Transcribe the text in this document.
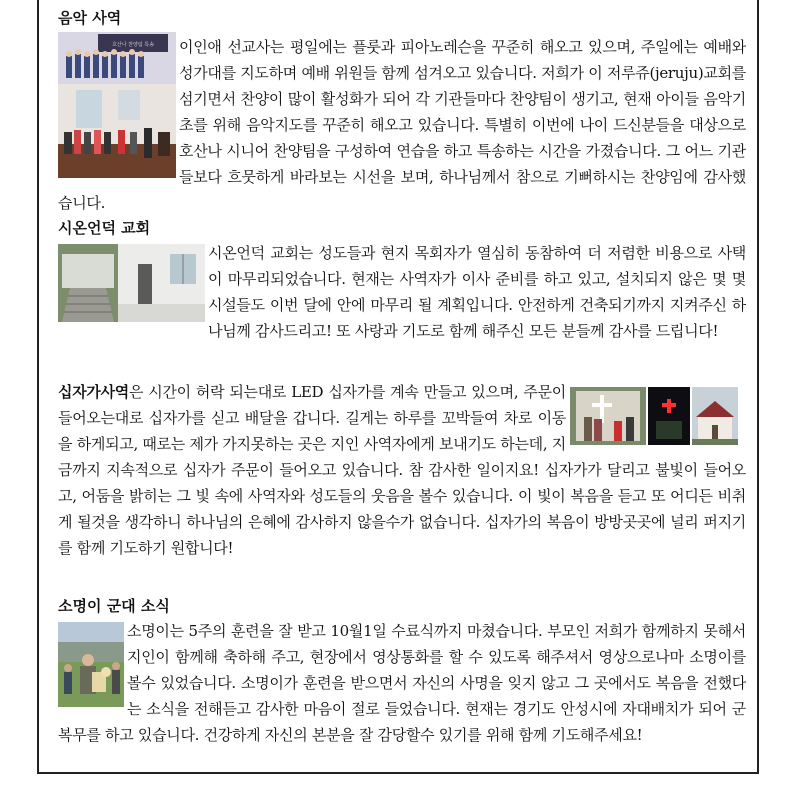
음악 사역
호산나 찬양팀 특송	이인애 선교사는 평일에는 플룻과 피아노레슨을 꾸준히 해오고 있으며, 주일에는 예배와 성가대를 지도하며 예배 위원들 함께 섬겨오고 있습니다. 저희가 이 저루쥬(jeruju)교회를 섬기면서 찬양이 많이 활성화가 되어 각 기관들마다 찬양팀이 생기고, 현재 아이들 음악기초를 위해 음악지도를 꾸준히 해오고 있습니다. 특별히 이번에 나이 드신분들을 대상으로 호산나 시니어 찬양팀을 구성하여 연습을 하고 특송하는 시간을 가졌습니다. 그 어느 기관들보다 흐뭇하게 바라보는 시선을 보며, 하나님께서 참으로 기뻐하시는 찬양임에 감사했습니다.

시온언덕 교회

시온언덕 교회는 성도들과 현지 목회자가 열심히 동참하여 더 저렴한 비용으로 사택이 마무리되었습니다. 현재는 사역자가 이사 준비를 하고 있고, 설치되지 않은 몇 몇 시설들도 이번 달에 안에 마무리 될 계획입니다. 안전하게 건축되기까지 지켜주신 하나님께 감사드리고! 또 사랑과 기도로 함께 해주신 모든 분들께 감사를 드립니다!

십자가사역은 시간이 허락 되는대로 LED 십자가를 계속 만들고 있으며, 주문이 들어오는대로 십자가를 싣고 배달을 갑니다. 길게는 하루를 꼬박들여 차로 이동을 하게되고, 때로는 제가 가지못하는 곳은 지인 사역자에게 보내기도 하는데, 지금까지 지속적으로 십자가 주문이 들어오고 있습니다. 참 감사한 일이지요! 십자가가 달리고 불빛이 들어오고, 어둠을 밝히는 그 빛 속에 사역자와 성도들의 웃음을 볼수 있습니다. 이 빛이 복음을 듣고 또 어디든 비취게 될것을 생각하니 하나님의 은혜에 감사하지 않을수가 없습니다. 십자가의 복음이 방방곳곳에 널리 퍼지기를 함께 기도하기 원합니다!

소명이 군대 소식

소명이는 5주의 훈련을 잘 받고 10월1일 수료식까지 마쳤습니다. 부모인 저희가 함께하지 못해서 지인이 함께해 축하해 주고, 현장에서 영상통화를 할 수 있도록 해주셔서 영상으로나마 소명이를 볼수 있었습니다. 소명이가 훈련을 받으면서 자신의 사명을 잊지 않고 그 곳에서도 복음을 전했다는 소식을 전해듣고 감사한 마음이 절로 들었습니다. 현재는 경기도 안성시에 자대배치가 되어 군복무를 하고 있습니다. 건강하게 자신의 본분을 잘 감당할수 있기를 위해 함께 기도해주세요!
